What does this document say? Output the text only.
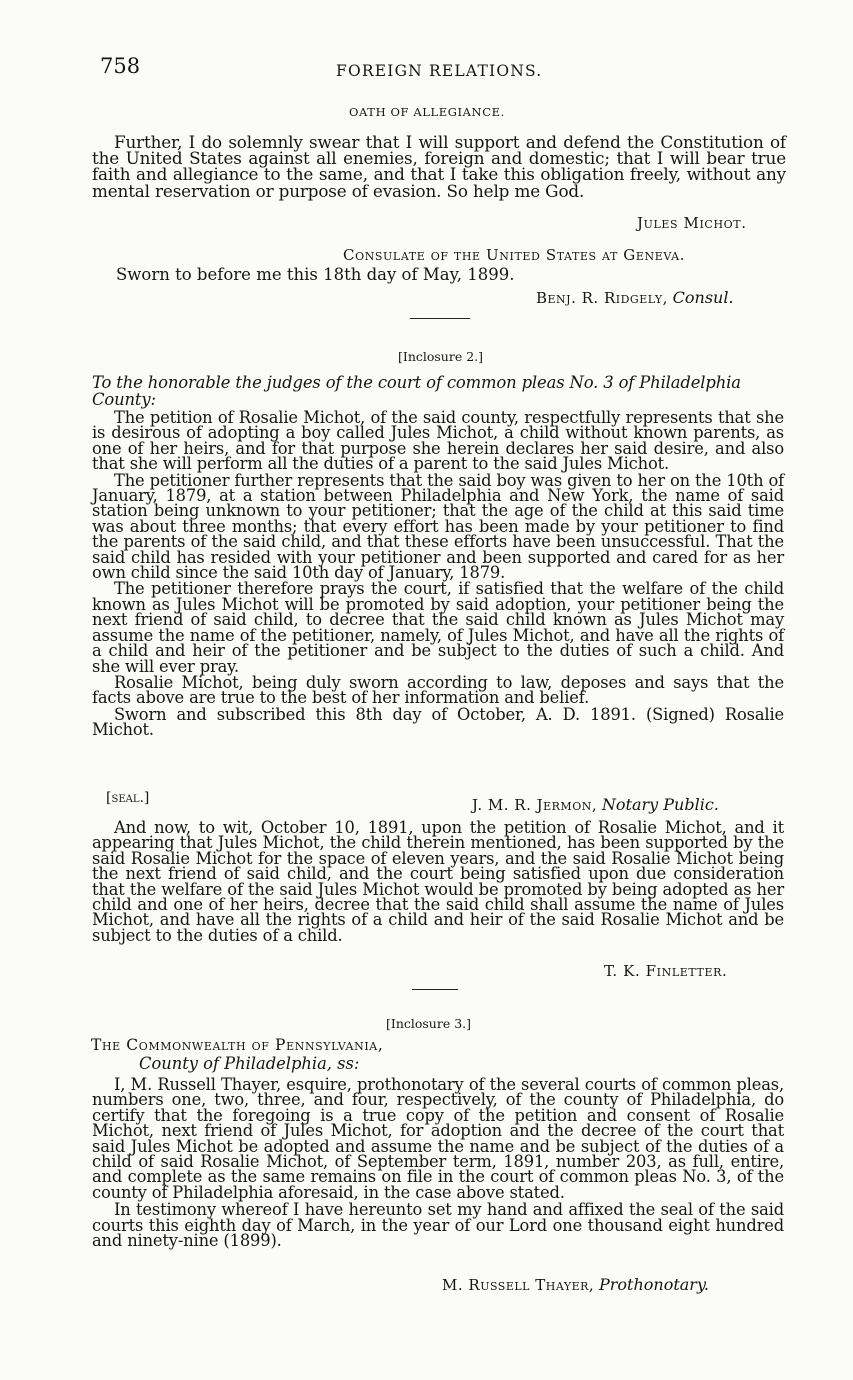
758	FOREIGN RELATIONS.
OATH OF ALLEGIANCE.

Further, I do solemnly swear that I will support and defend the Constitution of the United States against all enemies, foreign and domestic; that I will bear true faith and allegiance to the same, and that I take this obligation freely, without any mental reservation or purpose of evasion. So help me God.

Jules Michot.
Consulate of the United States at Geneva.
Sworn to before me this 18th day of May, 1899.
Benj. R. Ridgely, Consul.
[Inclosure 2.]
To the honorable the judges of the court of common pleas No. 3 of Philadelphia County:

The petition of Rosalie Michot, of the said county, respectfully represents that she is desirous of adopting a boy called Jules Michot, a child without known parents, as one of her heirs, and for that purpose she herein declares her said desire, and also that she will perform all the duties of a parent to the said Jules Michot.

The petitioner further represents that the said boy was given to her on the 10th of January, 1879, at a station between Philadelphia and New York, the name of said station being unknown to your petitioner; that the age of the child at this said time was about three months; that every effort has been made by your petitioner to find the parents of the said child, and that these efforts have been unsuccessful. That the said child has resided with your petitioner and been supported and cared for as her own child since the said 10th day of January, 1879.

The petitioner therefore prays the court, if satisfied that the welfare of the child known as Jules Michot will be promoted by said adoption, your petitioner being the next friend of said child, to decree that the said child known as Jules Michot may assume the name of the petitioner, namely, of Jules Michot, and have all the rights of a child and heir of the petitioner and be subject to the duties of such a child. And she will ever pray.

Rosalie Michot, being duly sworn according to law, deposes and says that the facts above are true to the best of her information and belief.

Sworn and subscribed this 8th day of October, A. D. 1891. (Signed) Rosalie Michot.

[seal.]	J. M. R. Jermon, Notary Public.

And now, to wit, October 10, 1891, upon the petition of Rosalie Michot, and it appearing that Jules Michot, the child therein mentioned, has been supported by the said Rosalie Michot for the space of eleven years, and the said Rosalie Michot being the next friend of said child, and the court being satisfied upon due consideration that the welfare of the said Jules Michot would be promoted by being adopted as her child and one of her heirs, decree that the said child shall assume the name of Jules Michot, and have all the rights of a child and heir of the said Rosalie Michot and be subject to the duties of a child.

T. K. Finletter.
[Inclosure 3.]
The Commonwealth of Pennsylvania,
County of Philadelphia, ss:

I, M. Russell Thayer, esquire, prothonotary of the several courts of common pleas, numbers one, two, three, and four, respectively, of the county of Philadelphia, do certify that the foregoing is a true copy of the petition and consent of Rosalie Michot, next friend of Jules Michot, for adoption and the decree of the court that said Jules Michot be adopted and assume the name and be subject of the duties of a child of said Rosalie Michot, of September term, 1891, number 203, as full, entire, and complete as the same remains on file in the court of common pleas No. 3, of the county of Philadelphia aforesaid, in the case above stated.

In testimony whereof I have hereunto set my hand and affixed the seal of the said courts this eighth day of March, in the year of our Lord one thousand eight hundred and ninety-nine (1899).

M. Russell Thayer, Prothonotary.
